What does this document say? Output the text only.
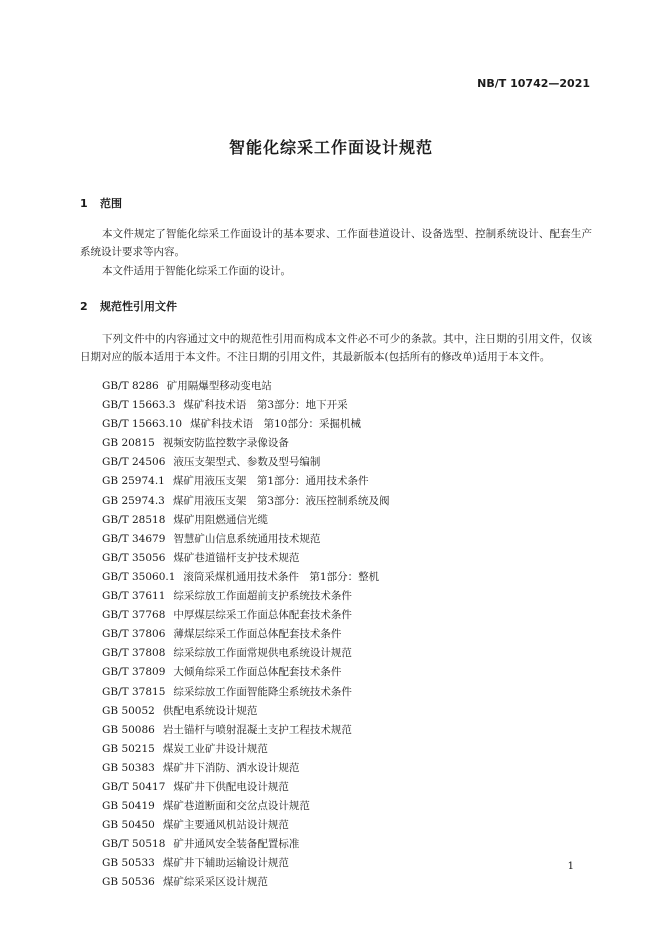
NB/T 10742—2021
智能化综采工作面设计规范
1 范围
本文件规定了智能化综采工作面设计的基本要求、工作面巷道设计、设备选型、控制系统设计、配套生产系统设计要求等内容。
本文件适用于智能化综采工作面的设计。
2 规范性引用文件
下列文件中的内容通过文中的规范性引用而构成本文件必不可少的条款。其中，注日期的引用文件，仅该日期对应的版本适用于本文件。不注日期的引用文件，其最新版本(包括所有的修改单)适用于本文件。
GB/T 8286 矿用隔爆型移动变电站
GB/T 15663.3 煤矿科技术语　第3部分：地下开采
GB/T 15663.10 煤矿科技术语　第10部分：采掘机械
GB 20815 视频安防监控数字录像设备
GB/T 24506 液压支架型式、参数及型号编制
GB 25974.1 煤矿用液压支架　第1部分：通用技术条件
GB 25974.3 煤矿用液压支架　第3部分：液压控制系统及阀
GB/T 28518 煤矿用阻燃通信光缆
GB/T 34679 智慧矿山信息系统通用技术规范
GB/T 35056 煤矿巷道锚杆支护技术规范
GB/T 35060.1 滚筒采煤机通用技术条件　第1部分：整机
GB/T 37611 综采综放工作面超前支护系统技术条件
GB/T 37768 中厚煤层综采工作面总体配套技术条件
GB/T 37806 薄煤层综采工作面总体配套技术条件
GB/T 37808 综采综放工作面常规供电系统设计规范
GB/T 37809 大倾角综采工作面总体配套技术条件
GB/T 37815 综采综放工作面智能降尘系统技术条件
GB 50052 供配电系统设计规范
GB 50086 岩土锚杆与喷射混凝土支护工程技术规范
GB 50215 煤炭工业矿井设计规范
GB 50383 煤矿井下消防、洒水设计规范
GB/T 50417 煤矿井下供配电设计规范
GB 50419 煤矿巷道断面和交岔点设计规范
GB 50450 煤矿主要通风机站设计规范
GB/T 50518 矿井通风安全装备配置标准
GB 50533 煤矿井下辅助运输设计规范
GB 50536 煤矿综采采区设计规范
1
